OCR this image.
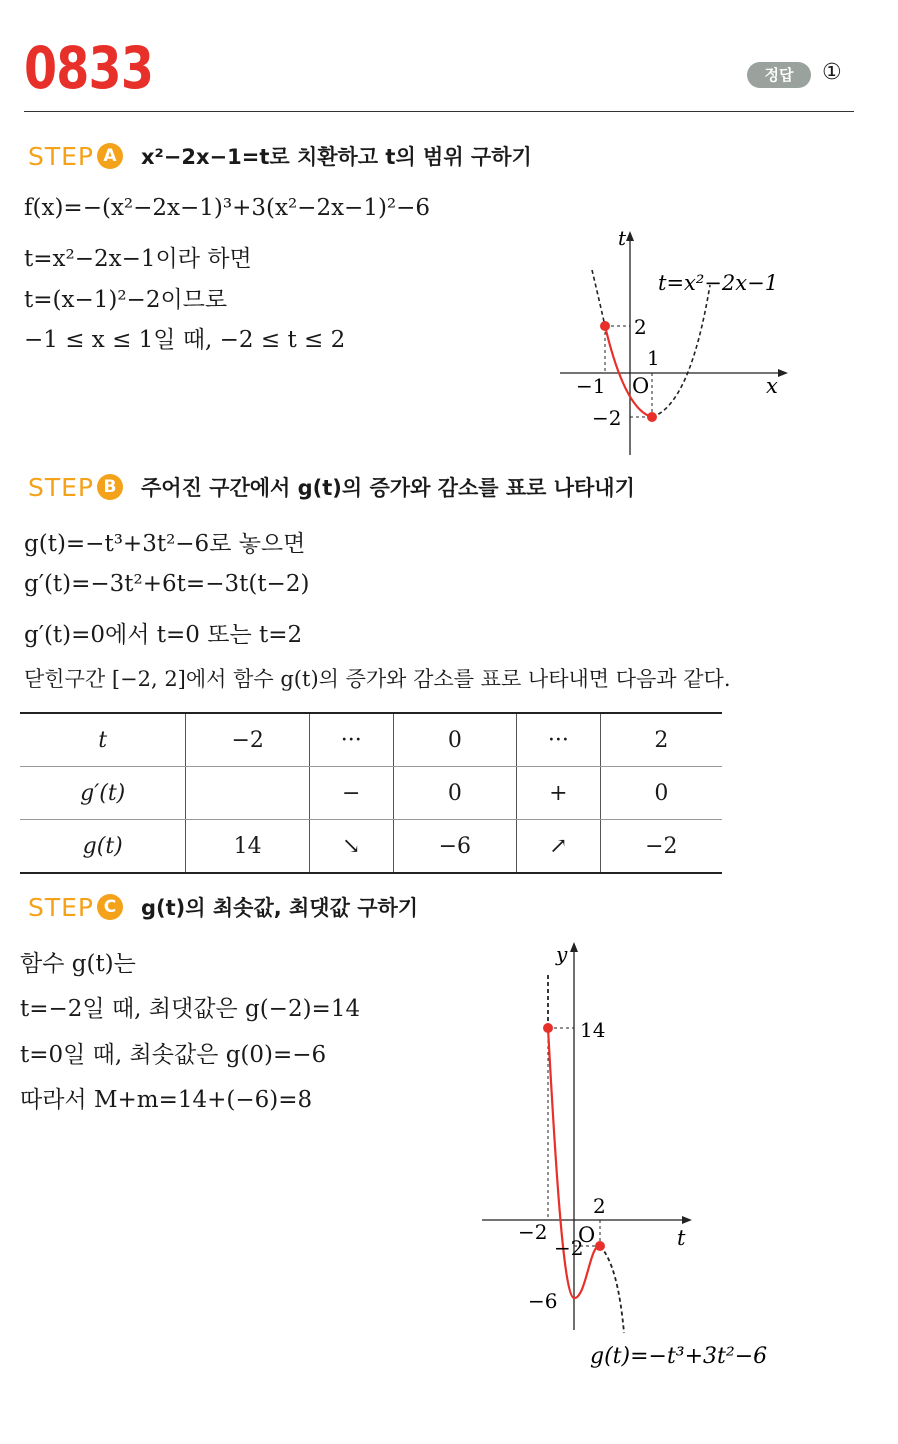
0833	정답	①
STEP A	x²−2x−1=t로 치환하고 t의 범위 구하기
f(x)=−(x²−2x−1)³+3(x²−2x−1)²−6
t=x²−2x−1이라 하면
t=(x−1)²−2이므로
−1 ≤ x ≤ 1일 때, −2 ≤ t ≤ 2
t
x
O
2
1
−1
−2
t=x²−2x−1
STEP B	주어진 구간에서 g(t)의 증가와 감소를 표로 나타내기
g(t)=−t³+3t²−6로 놓으면
g′(t)=−3t²+6t=−3t(t−2)
g′(t)=0에서 t=0 또는 t=2
닫힌구간 [−2, 2]에서 함수 g(t)의 증가와 감소를 표로 나타내면 다음과 같다.
t	−2	···	0	···	2
g′(t)		−	0	+	0
g(t)	14	↘	−6	↗	−2
STEP C	g(t)의 최솟값, 최댓값 구하기
함수 g(t)는
t=−2일 때, 최댓값은 g(−2)=14
t=0일 때, 최솟값은 g(0)=−6
따라서 M+m=14+(−6)=8
y
t
O
14
2
−2
−2
−6
g(t)=−t³+3t²−6
